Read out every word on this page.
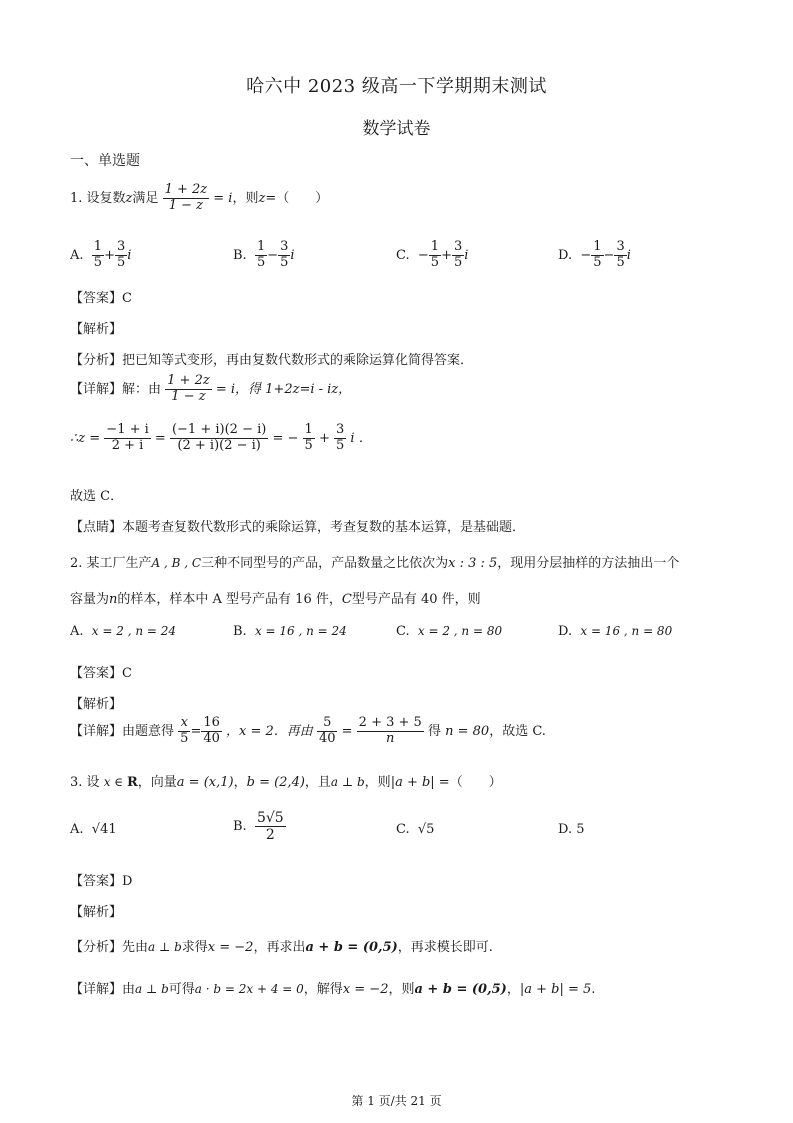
哈六中 2023 级高一下学期期末测试
数学试卷
一、单选题
1. 设复数z满足 $\frac{1 + 2z}{1 - z} = i$，则z=（　　）
A. $\frac{1}{5} + \frac{3}{5}$ i	B. $\frac{1}{5} - \frac{3}{5}$ i	C. − $\frac{1}{5} + \frac{3}{5}$ i	D. − $\frac{1}{5} - \frac{3}{5}$ i
【答案】C
【解析】
【分析】把已知等式变形，再由复数代数形式的乘除运算化简得答案．
【详解】解：由 $\frac{1 + 2z}{1 - z} = i$，得 1+2z=i - iz，
∴z = $\frac{-1 + i}{2 + i} = \frac{(-1 + i)(2 - i)}{(2 + i)(2 - i)}$ = − $\frac{1}{5} + \frac{3}{5}$ i ．
故选 C．
【点睛】本题考查复数代数形式的乘除运算，考查复数的基本运算，是基础题．
2. 某工厂生产A , B , C三种不同型号的产品，产品数量之比依次为x : 3 : 5，现用分层抽样的方法抽出一个
容量为n的样本，样本中 A 型号产品有 16 件，C型号产品有 40 件，则
A. x = 2 , n = 24	B. x = 16 , n = 24	C. x = 2 , n = 80	D. x = 16 , n = 80
【答案】C
【解析】
【详解】由题意得 $\frac{x}{5} = \frac{16}{40}$ ，x = 2．再由 $\frac{5}{40} = \frac{2 + 3 + 5}{n}$ 得 n = 80，故选 C.
3. 设 x ∈ R，向量a = (x,1)，b = (2,4)，且a ⊥ b，则|a + b| =（　　）
A. √41	B. $\frac{5√5}{2}$	C. √5	D. 5
【答案】D
【解析】
【分析】先由a ⊥ b求得x = −2，再求出a + b = (0,5)，再求模长即可.
【详解】由a ⊥ b可得a · b = 2x + 4 = 0，解得x = −2，则a + b = (0,5)，|a + b| = 5.
第 1 页/共 21 页
